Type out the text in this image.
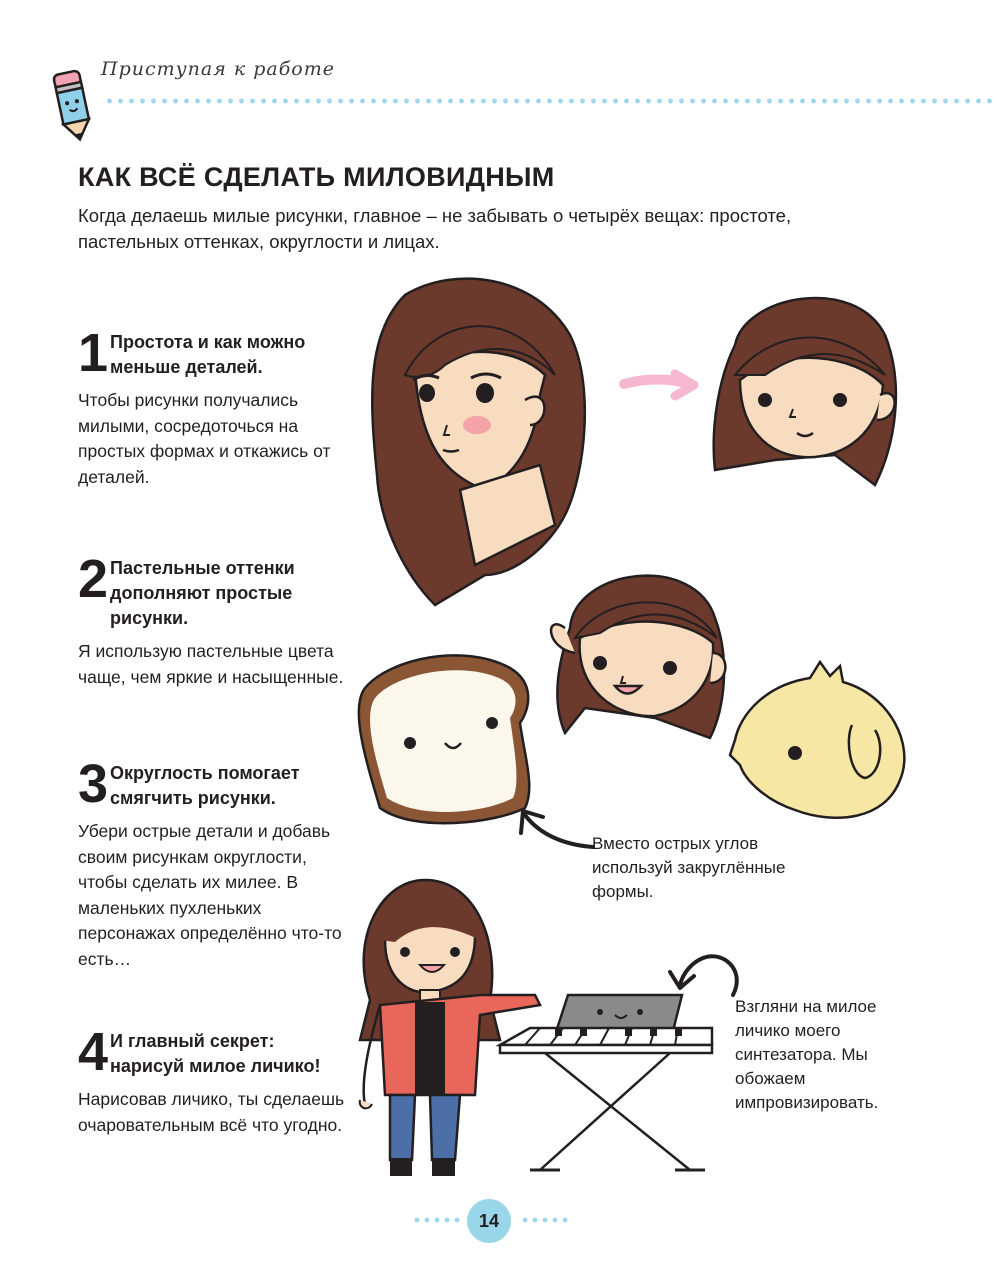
Приступая к работе

КАК ВСЁ СДЕЛАТЬ МИЛОВИДНЫМ

Когда делаешь милые рисунки, главное – не забывать о четырёх вещах: простоте, пастельных оттенках, округлости и лицах.

1 Простота и как можно меньше деталей.

Чтобы рисунки получались милыми, сосредоточься на простых формах и откажись от деталей.

2 Пастельные оттенки дополняют простые рисунки.

Я использую пастельные цвета чаще, чем яркие и насыщенные.

3 Округлость помогает смягчить рисунки.

Убери острые детали и добавь своим рисункам округлости, чтобы сделать их милее. В маленьких пухленьких персонажах определённо что-то есть…

4 И главный секрет: нарисуй милое личико!

Нарисовав личико, ты сделаешь очаровательным всё что угодно.

Вместо острых углов используй закруглённые формы.

Взгляни на милое личико моего синтезатора. Мы обожаем импровизировать.

14
